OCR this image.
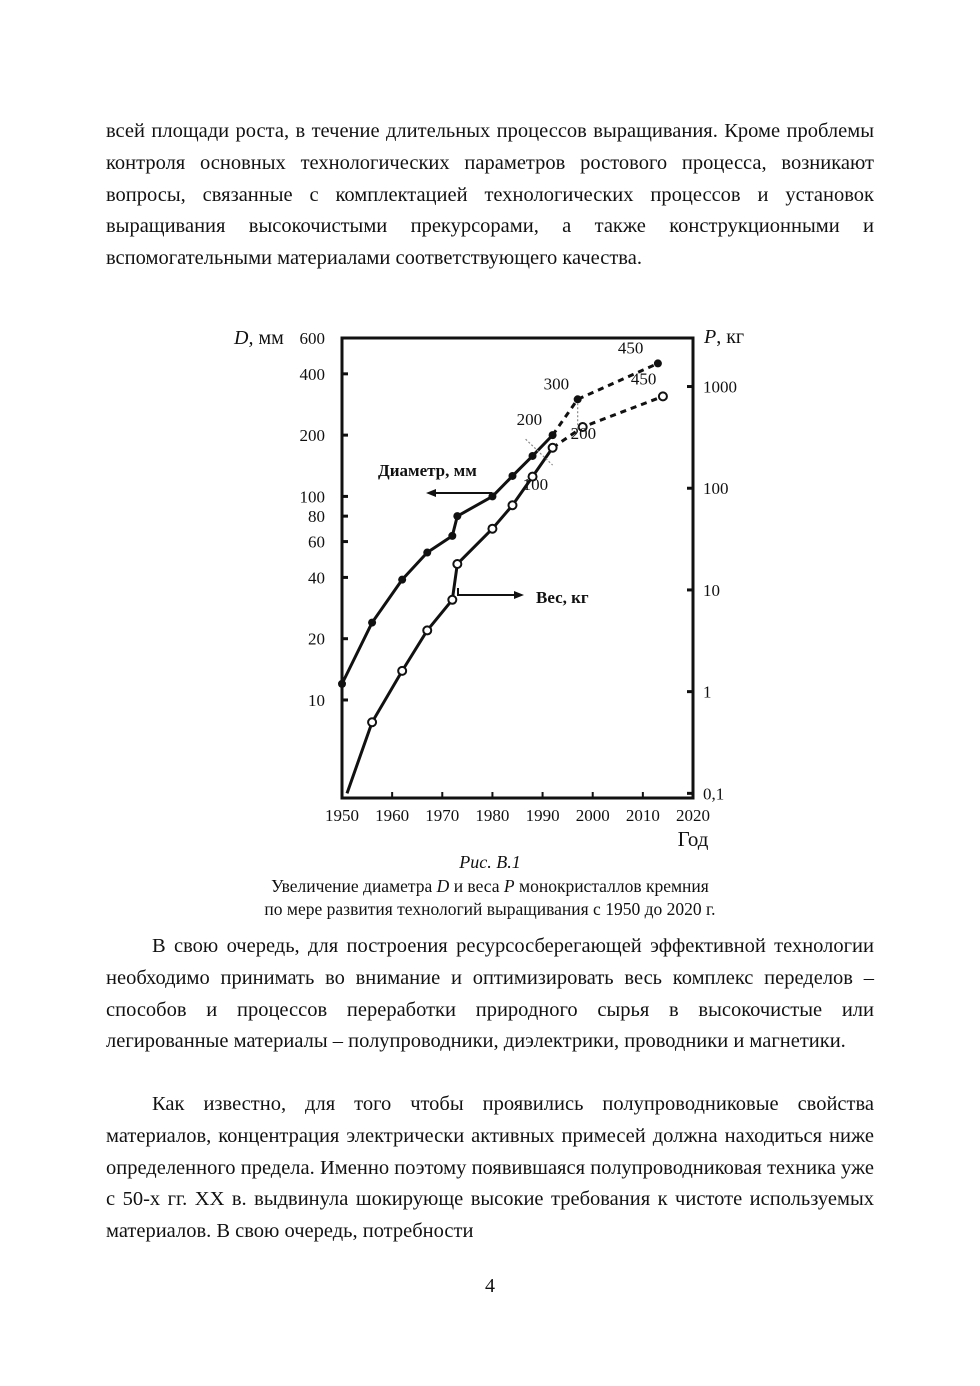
всей площади роста, в течение длительных процессов выращивания. Кроме проблемы контроля основных технологических параметров ростового процесса, возникают вопросы, связанные с комплектацией технологических процессов и установок выращивания высокочистыми прекурсорами, а также конструкционными и вспомогательными материалами соответствующего качества.

1950 1960 1970 1980 1990 2000 2010 2020
600
400
200
100
80
60
40
20
10
1000
100
10
1
0,1
200
300
450
100
200
450
D, мм	P, кг
Год
Диаметр, мм
Вес, кг

Рис. В.1

Увеличение диаметра D и веса P монокристаллов кремния

по мере развития технологий выращивания с 1950 до 2020 г.

В свою очередь, для построения ресурсосберегающей эффективной технологии необходимо принимать во внимание и оптимизировать весь комплекс переделов – способов и процессов переработки природного сырья в высокочистые или легированные материалы – полупроводники, диэлектрики, проводники и магнетики.

Как известно, для того чтобы проявились полупроводниковые свойства материалов, концентрация электрически активных примесей должна находиться ниже определенного предела. Именно поэтому появившаяся полупроводниковая техника уже с 50-х гг. XX в. выдвинула шокирующе высокие требования к чистоте используемых материалов. В свою очередь, потребности

4
